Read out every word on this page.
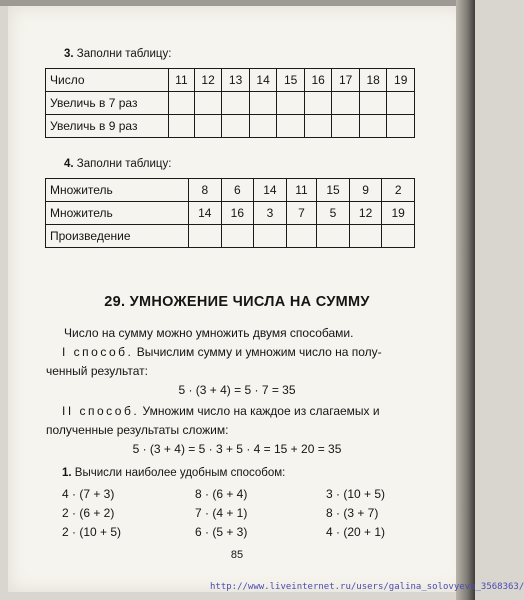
3. Заполни таблицу:
Число	11	12	13	14	15	16	17	18	19
Увеличь в 7 раз									
Увеличь в 9 раз									
4. Заполни таблицу:
Множитель	8	6	14	11	15	9	2
Множитель	14	16	3	7	5	12	19
Произведение							
29. УМНОЖЕНИЕ ЧИСЛА НА СУММУ
Число на сумму можно умножить двумя способами.
I способ. Вычислим сумму и умножим число на полу-
ченный результат:
5 · (3 + 4) = 5 · 7 = 35
II способ. Умножим число на каждое из слагаемых и
полученные результаты сложим:
5 · (3 + 4) = 5 · 3 + 5 · 4 = 15 + 20 = 35
1. Вычисли наиболее удобным способом:
4 · (7 + 3)
2 · (6 + 2)
2 · (10 + 5)
8 · (6 + 4)
7 · (4 + 1)
6 · (5 + 3)
3 · (10 + 5)
8 · (3 + 7)
4 · (20 + 1)
85
http://www.liveinternet.ru/users/galina_solovyeva_3568363/
